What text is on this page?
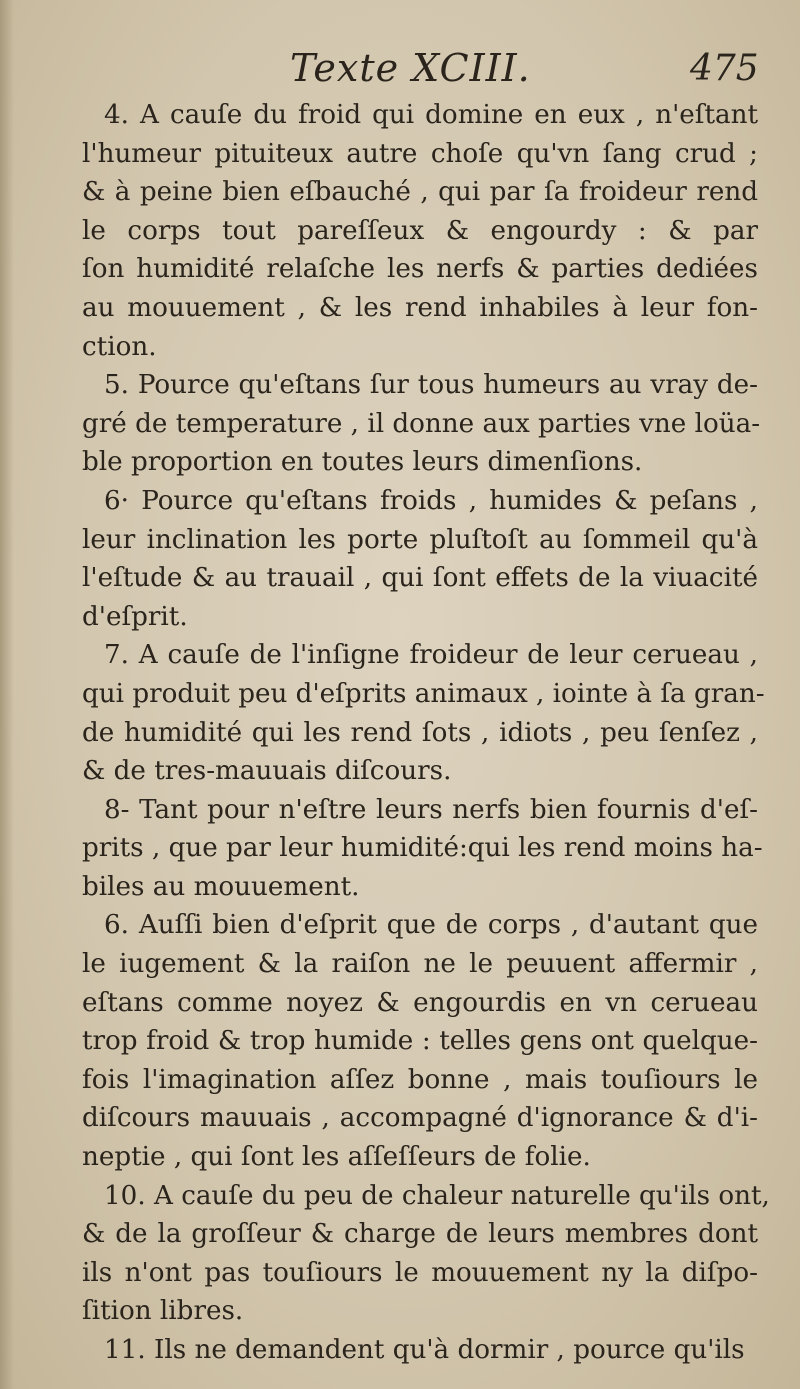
Texte XCIII.	475
4. A cauſe du froid qui domine en eux , n'eſtant
l'humeur pituiteux autre choſe qu'vn ſang crud ;
& à peine bien eſbauché , qui par ſa froideur rend
le corps tout pareſſeux & engourdy : & par
ſon humidité relaſche les nerfs & parties dediées
au mouuement , & les rend inhabiles à leur fon-
ction.
5. Pource qu'eſtans ſur tous humeurs au vray de-
gré de temperature , il donne aux parties vne loüa-
ble proportion en toutes leurs dimenſions.
6· Pource qu'eſtans froids , humides & peſans ,
leur inclination les porte pluſtoſt au ſommeil qu'à
l'eſtude & au trauail , qui ſont effets de la viuacité
d'eſprit.
7. A cauſe de l'inſigne froideur de leur cerueau ,
qui produit peu d'eſprits animaux , iointe à ſa gran-
de humidité qui les rend ſots , idiots , peu ſenſez ,
& de tres-mauuais diſcours.
8- Tant pour n'eſtre leurs nerfs bien fournis d'eſ-
prits , que par leur humidité:qui les rend moins ha-
biles au mouuement.
6. Auſſi bien d'eſprit que de corps , d'autant que
le iugement & la raiſon ne le peuuent affermir ,
eſtans comme noyez & engourdis en vn cerueau
trop froid & trop humide : telles gens ont quelque-
fois l'imagination aſſez bonne , mais touſiours le
diſcours mauuais , accompagné d'ignorance & d'i-
neptie , qui ſont les aſſeſſeurs de folie.
10. A cauſe du peu de chaleur naturelle qu'ils ont,
& de la groſſeur & charge de leurs membres dont
ils n'ont pas touſiours le mouuement ny la diſpo-
ſition libres.
11. Ils ne demandent qu'à dormir , pource qu'ils
